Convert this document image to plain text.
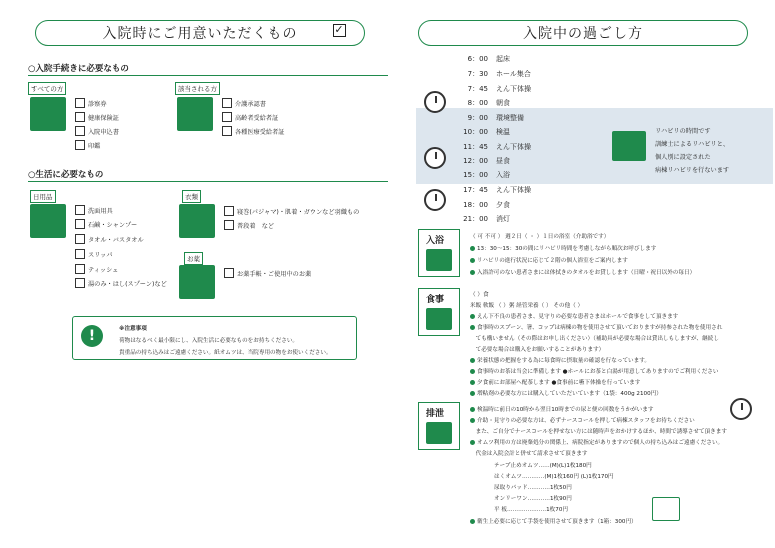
入院時にご用意いただくもの	✓
○入院手続きに必要なもの
すべての方
診察券
健康保険証
入院申込書
印鑑
該当される方
介護承認書
高齢者受給者証
各種医療受給者証
○生活に必要なもの
日用品
洗面用具
石鹸・シャンプー
タオル・バスタオル
スリッパ
ティッシュ
湯のみ・はし(スプーン)など
衣類
寝巻(パジャマ)・肌着・ガウンなど羽織もの
普段着　など
お薬
お薬手帳・ご使用中のお薬
!	※注意事項
荷物はなるべく最小限にし、入院生活に必要なものをお持ちください。
貴重品の持ち込みはご遠慮ください。紙オムツは、当院専用の物をお使いください。
入院中の過ごし方
6：00	起床
7：30	ホール集合
7：45	えん下体操
8：00	朝食
9：00	環境整備
10：00	検温
11：45	えん下体操
12：00	昼食
15：00	入浴
17：45	えん下体操
18：00	夕食
21：00	消灯
リハビリの時間です
訓練士によるリハビリと、
個人別に設定された
病棟リハビリを行ないます
入浴	（ 可 不可 ） 週２日（ ・ ）１日の浴室（介助浴です）
13：30～15：30の間にリハビリ時間を考慮しながら順次お呼びします
リハビリの進行状況に応じて２階の個人浴室をご案内します
入浴許可のない患者さまには体拭きのタオルをお貸しします（日曜・祝日以外の毎日）
食事	（ ）食
米飯 軟飯 （ ）粥 経管栄養（ ） その他（ ）
えん下不良の患者さま、見守りの必要な患者さまはホールで食事をして頂きます
食事時のスプーン、箸、コップは病棟の物を使用させて頂いておりますが持参された物を使用され
　ても構いません（その際はお申し出ください）（補助具が必要な場合は貸出しもしますが、継続し
　て必要な場合は購入をお願いすることがあります）
栄養状態の把握をする為に毎食時に摂取量の確認を行なっています。
食事時のお茶は当会に準備します ●ホールにお茶と白湯が用意してありますのでご利用ください
夕食前にお部屋へ配茶します ●食事前に嚥下体操を行っています
増粘剤の必要な方には購入していただいています（1袋：400g 2100円）
排泄	検温時に前日の10時から翌日10時までの尿と便の回数をうかがいます
介助・見守りの必要な方は、必ずナースコールを押して病棟スタッフをお待ちください
　また、ご自分でナースコールを押せない方には随時声をおかけするほか、時間で誘導させて頂きます
オムツ利用の方は廃棄処分の関係上、病院指定がありますので個人の持ち込みはご遠慮ください。
　代金は入院会計と併せて請求させて頂きます
テープ止めオムツ……(M)(L)1枚180円
はくオムツ…………(M)1枚160円 (L)1枚170円
尿取りパッド…………1枚50円
オンリーワン…………1枚90円
平 板…………………1枚70円
衛生上必要に応じて手袋を使用させて頂きます（1箱：300円）
